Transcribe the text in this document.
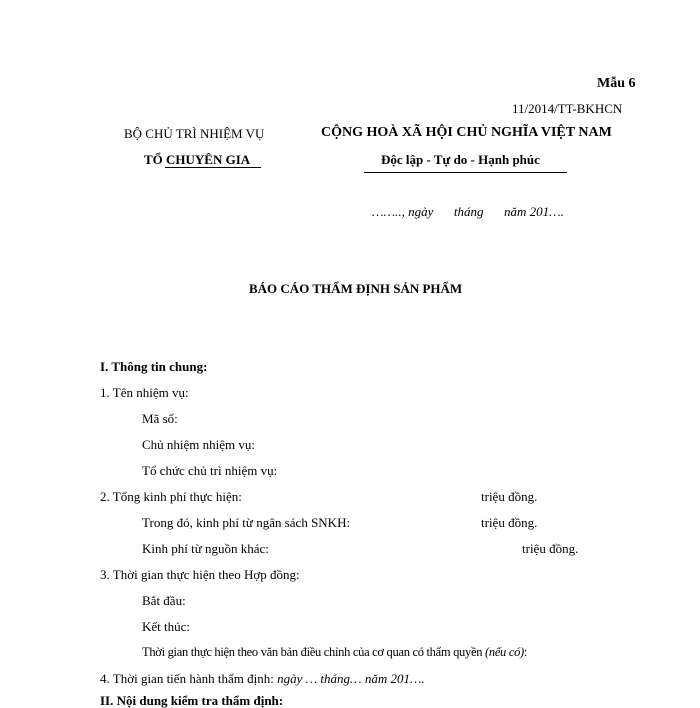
Mẫu 6
11/2014/TT-BKHCN
BỘ CHỦ TRÌ NHIỆM VỤ
TỔ CHUYÊN GIA
CỘNG HOÀ XÃ HỘI CHỦ NGHĨA VIỆT NAM
Độc lập - Tự do - Hạnh phúc
…….., ngày tháng năm 201….
BÁO CÁO THẨM ĐỊNH SẢN PHẨM
I. Thông tin chung:
1. Tên nhiệm vụ:
Mã số:
Chủ nhiệm nhiệm vụ:
Tổ chức chủ trì nhiệm vụ:
2. Tổng kinh phí thực hiện:	triệu đồng.
Trong đó, kinh phí từ ngân sách SNKH:	triệu đồng.
Kinh phí từ nguồn khác:	triệu đồng.
3. Thời gian thực hiện theo Hợp đồng:
Bắt đầu:
Kết thúc:
Thời gian thực hiện theo văn bản điều chỉnh của cơ quan có thẩm quyền (nếu có):
4. Thời gian tiến hành thẩm định: ngày … tháng… năm 201….
II. Nội dung kiểm tra thẩm định:
